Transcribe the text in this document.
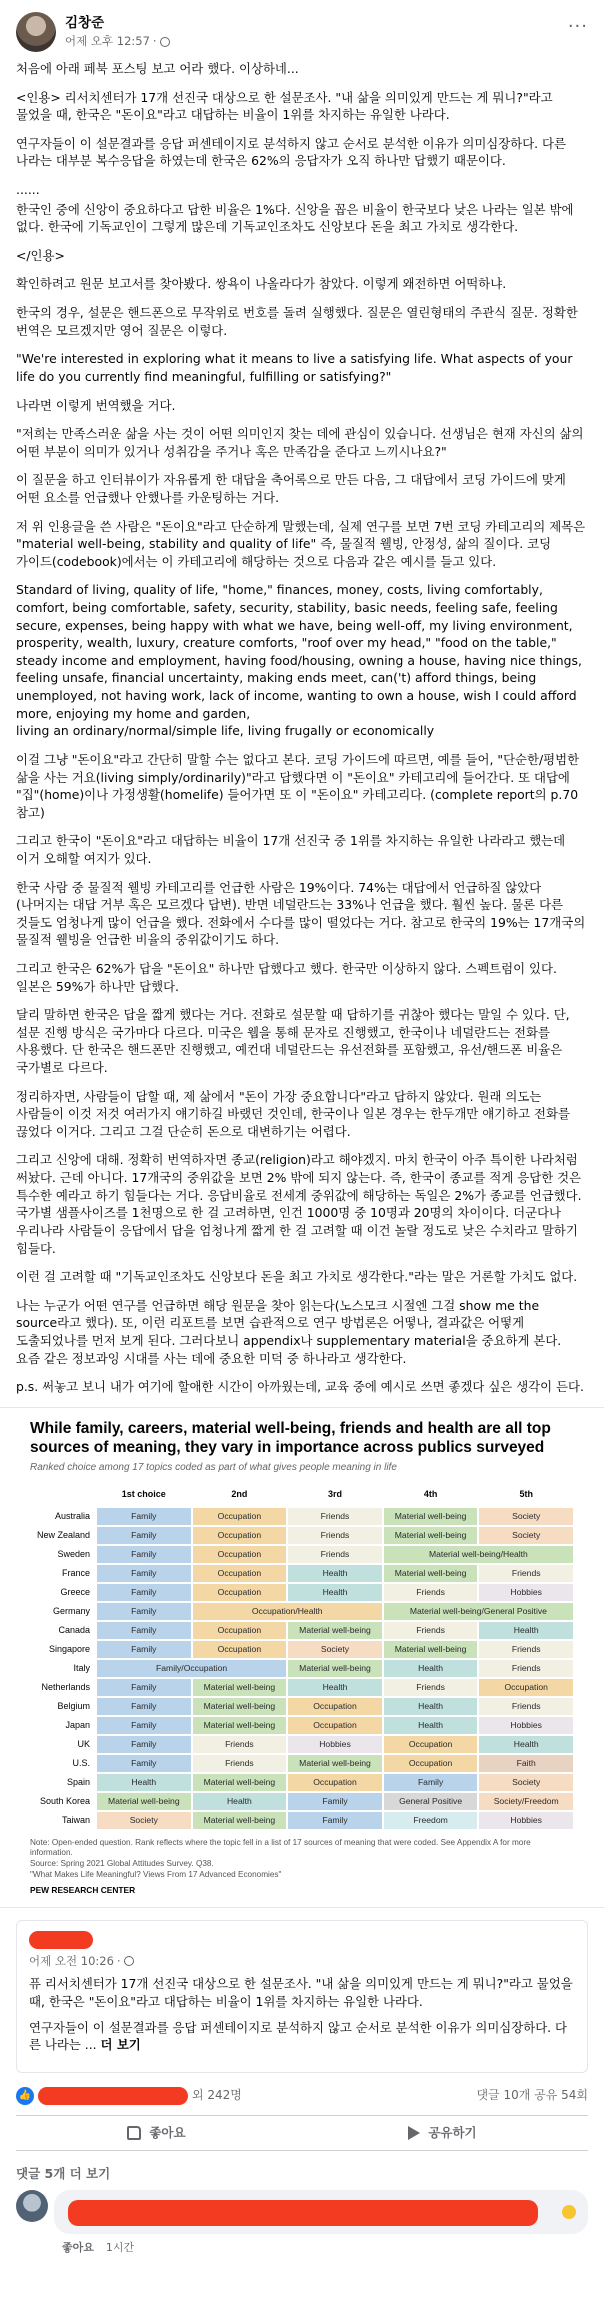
김창준
어제 오후 12:57 ·
···

처음에 아래 페북 포스팅 보고 어라 했다. 이상하네...

<인용> 리서치센터가 17개 선진국 대상으로 한 설문조사. "내 삶을 의미있게 만드는 게 뭐니?"라고 물었을 때, 한국은 "돈이요"라고 대답하는 비율이 1위를 차지하는 유일한 나라다.

연구자들이 이 설문결과를 응답 퍼센테이지로 분석하지 않고 순서로 분석한 이유가 의미심장하다. 다른 나라는 대부분 복수응답을 하였는데 한국은 62%의 응답자가 오직 하나만 답했기 때문이다.

......

한국인 중에 신앙이 중요하다고 답한 비율은 1%다. 신앙을 꼽은 비율이 한국보다 낮은 나라는 일본 밖에 없다. 한국에 기독교인이 그렇게 많은데 기독교인조차도 신앙보다 돈을 최고 가치로 생각한다.

</인용>

확인하려고 원문 보고서를 찾아봤다. 쌍욕이 나올라다가 참았다. 이렇게 왜전하면 어떡하냐.

한국의 경우, 설문은 핸드폰으로 무작위로 번호를 돌려 실행했다. 질문은 열린형태의 주관식 질문. 정확한 번역은 모르겠지만 영어 질문은 이렇다.

"We're interested in exploring what it means to live a satisfying life. What aspects of your life do you currently find meaningful, fulfilling or satisfying?"

나라면 이렇게 번역했을 거다.

"저희는 만족스러운 삶을 사는 것이 어떤 의미인지 찾는 데에 관심이 있습니다. 선생님은 현재 자신의 삶의 어떤 부분이 의미가 있거나 성취감을 주거나 혹은 만족감을 준다고 느끼시나요?"

이 질문을 하고 인터뷰이가 자유롭게 한 대답을 축어록으로 만든 다음, 그 대답에서 코딩 가이드에 맞게 어떤 요소를 언급했나 안했나를 카운팅하는 거다.

저 위 인용글을 쓴 사람은 "돈이요"라고 단순하게 말했는데, 실제 연구를 보면 7번 코딩 카테고리의 제목은 "material well-being, stability and quality of life" 즉, 물질적 웰빙, 안정성, 삶의 질이다. 코딩 가이드(codebook)에서는 이 카테고리에 해당하는 것으로 다음과 같은 예시를 들고 있다.

Standard of living, quality of life, "home," finances, money, costs, living comfortably, comfort, being comfortable, safety, security, stability, basic needs, feeling safe, feeling secure, expenses, being happy with what we have, being well-off, my living environment, prosperity, wealth, luxury, creature comforts, "roof over my head," "food on the table," steady income and employment, having food/housing, owning a house, having nice things, feeling unsafe, financial uncertainty, making ends meet, can('t) afford things, being unemployed, not having work, lack of income, wanting to own a house, wish I could afford more, enjoying my home and garden,
living an ordinary/normal/simple life, living frugally or economically

이걸 그냥 "돈이요"라고 간단히 말할 수는 없다고 본다. 코딩 가이드에 따르면, 예를 들어, "단순한/평범한 삶을 사는 거요(living simply/ordinarily)"라고 답했다면 이 "돈이요" 카테고리에 들어간다. 또 대답에 "집"(home)이나 가정생활(homelife) 들어가면 또 이 "돈이요" 카테고리다. (complete report의 p.70 참고)

그리고 한국이 "돈이요"라고 대답하는 비율이 17개 선진국 중 1위를 차지하는 유일한 나라라고 했는데 이거 오해할 여지가 있다.

한국 사람 중 물질적 웰빙 카테고리를 언급한 사람은 19%이다. 74%는 대답에서 언급하질 않았다(나머지는 대답 거부 혹은 모르겠다 답변). 반면 네덜란드는 33%나 언급을 했다. 훨씬 높다. 물론 다른 것들도 엄청나게 많이 언급을 했다. 전화에서 수다를 많이 떨었다는 거다. 참고로 한국의 19%는 17개국의 물질적 웰빙을 언급한 비율의 중위값이기도 하다.

그리고 한국은 62%가 답을 "돈이요" 하나만 답했다고 했다. 한국만 이상하지 않다. 스펙트럼이 있다. 일본은 59%가 하나만 답했다.

달리 말하면 한국은 답을 짧게 했다는 거다. 전화로 설문할 때 답하기를 귀찮아 했다는 말일 수 있다. 단, 설문 진행 방식은 국가마다 다르다. 미국은 웹을 통해 문자로 진행했고, 한국이나 네덜란드는 전화를 사용했다. 단 한국은 핸드폰만 진행했고, 예컨대 네덜란드는 유선전화를 포함했고, 유선/핸드폰 비율은 국가별로 다르다.

정리하자면, 사람들이 답할 때, 제 삶에서 "돈이 가장 중요합니다"라고 답하지 않았다. 원래 의도는 사람들이 이것 저것 여러가지 얘기하길 바랬던 것인데, 한국이나 일본 경우는 한두개만 얘기하고 전화를 끊었다 이거다. 그리고 그걸 단순히 돈으로 대변하기는 어렵다.

그리고 신앙에 대해. 정확히 번역하자면 종교(religion)라고 해야겠지. 마치 한국이 아주 특이한 나라처럼 써놨다. 근데 아니다. 17개국의 중위값을 보면 2% 밖에 되지 않는다. 즉, 한국이 종교를 적게 응답한 것은 특수한 예라고 하기 힘들다는 거다. 응답비율로 전세계 중위값에 해당하는 독일은 2%가 종교를 언급했다. 국가별 샘플사이즈를 1천명으로 한 걸 고려하면, 인건 1000명 중 10명과 20명의 차이이다. 더군다나 우리나라 사람들이 응답에서 답을 엄청나게 짧게 한 걸 고려할 때 이건 놀랄 정도로 낮은 수치라고 말하기 힘들다.

이런 걸 고려할 때 "기독교인조차도 신앙보다 돈을 최고 가치로 생각한다."라는 말은 거론할 가치도 없다.

나는 누군가 어떤 연구를 언급하면 해당 원문을 찾아 읽는다(노스모크 시절엔 그걸 show me the source라고 했다). 또, 이런 리포트를 보면 습관적으로 연구 방법론은 어떻나, 결과값은 어떻게 도출되었나를 먼저 보게 된다. 그러다보니 appendix나 supplementary material을 중요하게 본다. 요즘 같은 정보과잉 시대를 사는 데에 중요한 미덕 중 하나라고 생각한다.

p.s. 써놓고 보니 내가 여기에 할애한 시간이 아까웠는데, 교육 중에 예시로 쓰면 좋겠다 싶은 생각이 든다.

While family, careers, material well-being, friends and health are all top sources of meaning, they vary in importance across publics surveyed
Ranked choice among 17 topics coded as part of what gives people meaning in life
1st choice	2nd	3rd	4th	5th
Australia	Family	Occupation	Friends	Material well-being	Society
New Zealand	Family	Occupation	Friends	Material well-being	Society
Sweden	Family	Occupation	Friends	Material well-being/Health
France	Family	Occupation	Health	Material well-being	Friends
Greece	Family	Occupation	Health	Friends	Hobbies
Germany	Family	Occupation/Health	Material well-being/General Positive
Canada	Family	Occupation	Material well-being	Friends	Health
Singapore	Family	Occupation	Society	Material well-being	Friends
Italy	Family/Occupation	Material well-being	Health	Friends
Netherlands	Family	Material well-being	Health	Friends	Occupation
Belgium	Family	Material well-being	Occupation	Health	Friends
Japan	Family	Material well-being	Occupation	Health	Hobbies
UK	Family	Friends	Hobbies	Occupation	Health
U.S.	Family	Friends	Material well-being	Occupation	Faith
Spain	Health	Material well-being	Occupation	Family	Society
South Korea	Material well-being	Health	Family	General Positive	Society/Freedom
Taiwan	Society	Material well-being	Family	Freedom	Hobbies
Note: Open-ended question. Rank reflects where the topic fell in a list of 17 sources of meaning that were coded. See Appendix A for more information.
Source: Spring 2021 Global Attitudes Survey. Q38.
"What Makes Life Meaningful? Views From 17 Advanced Economies"
PEW RESEARCH CENTER
어제 오전 10:26 ·

퓨 리서치센터가 17개 선진국 대상으로 한 설문조사. "내 삶을 의미있게 만드는 게 뭐니?"라고 물었을 때, 한국은 "돈이요"라고 대답하는 비율이 1위를 차지하는 유일한 나라다.

연구자들이 이 설문결과를 응답 퍼센테이지로 분석하지 않고 순서로 분석한 이유가 의미심장하다. 다른 나라는 ... 더 보기

👍	외 242명	댓글 10개 공유 54회
좋아요	공유하기
댓글 5개 더 보기
좋아요 1시간
